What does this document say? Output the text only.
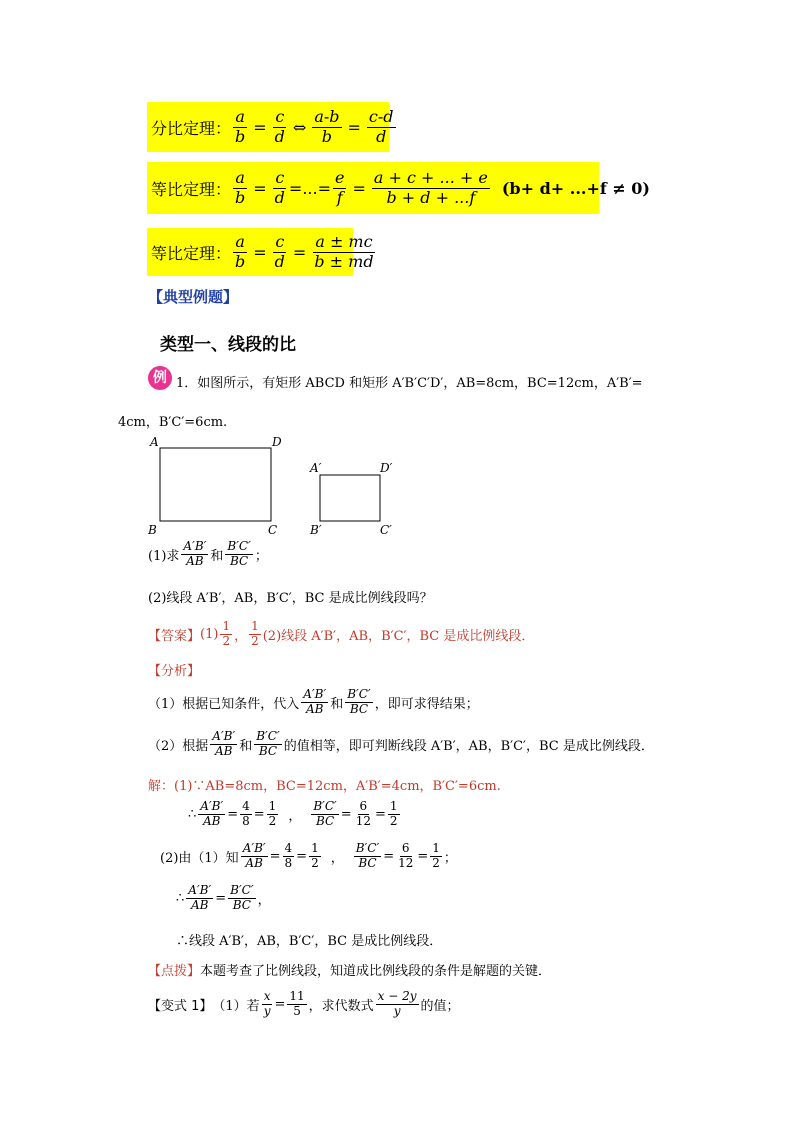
分比定理： $\frac{a}{b} = \frac{c}{d}$ ⇔ $\frac{a-b}{b} = \frac{c-d}{d}$
等比定理： $\frac{a}{b} = \frac{c}{d}$ =...= $\frac{e}{f} = \frac{a + c + ... + e}{b + d + ...f} (b+ d+ ...+f \ne 0)$
等比定理： $\frac{a}{b} = \frac{c}{d} = \frac{a \pm mc}{b \pm md}$
【典型例题】
类型一、线段的比
例 1．如图所示，有矩形 ABCD 和矩形 A′B′C′D′，AB=8cm，BC=12cm，A′B′=
4cm，B′C′=6cm.
A	D
B	C
A′	D′
B′	C′
(1)求 $\frac{A'B'}{AB}$ 和 $\frac{B'C'}{BC}$ ；
(2)线段 A′B′，AB，B′C′，BC 是成比例线段吗？
【答案】 $(1) \frac{1}{2}$ ， $\frac{1}{2} (2)$线段 A′B′，AB，B′C′，BC 是成比例线段．
【分析】
（1）根据已知条件，代入 $\frac{A'B'}{AB}$ 和 $\frac{B'C'}{BC}$ ，即可求得结果；
（2）根据 $\frac{A'B'}{AB}$ 和 $\frac{B'C'}{BC}$ 的值相等，即可判断线段 A′B′，AB，B′C′，BC 是成比例线段．
解：(1)∵AB=8cm，BC=12cm，A′B′=4cm，B′C′=6cm.
∴ $\frac{A'B'}{AB} = \frac{4}{8} = \frac{1}{2}$ ， $\frac{B'C'}{BC} = \frac{6}{12} = \frac{1}{2}$
(2)由（1）知 $\frac{A'B'}{AB} = \frac{4}{8} = \frac{1}{2}$ ， $\frac{B'C'}{BC} = \frac{6}{12} = \frac{1}{2}$ ；
∴ $\frac{A'B'}{AB} = \frac{B'C'}{BC}$ ，
∴线段 A′B′，AB，B′C′，BC 是成比例线段．
【点拨】 本题考查了比例线段，知道成比例线段的条件是解题的关键．
【变式 1】 （1）若 $\frac{x}{y} = \frac{11}{5}$ ，求代数式 $\frac{x - 2y}{y}$ 的值；
